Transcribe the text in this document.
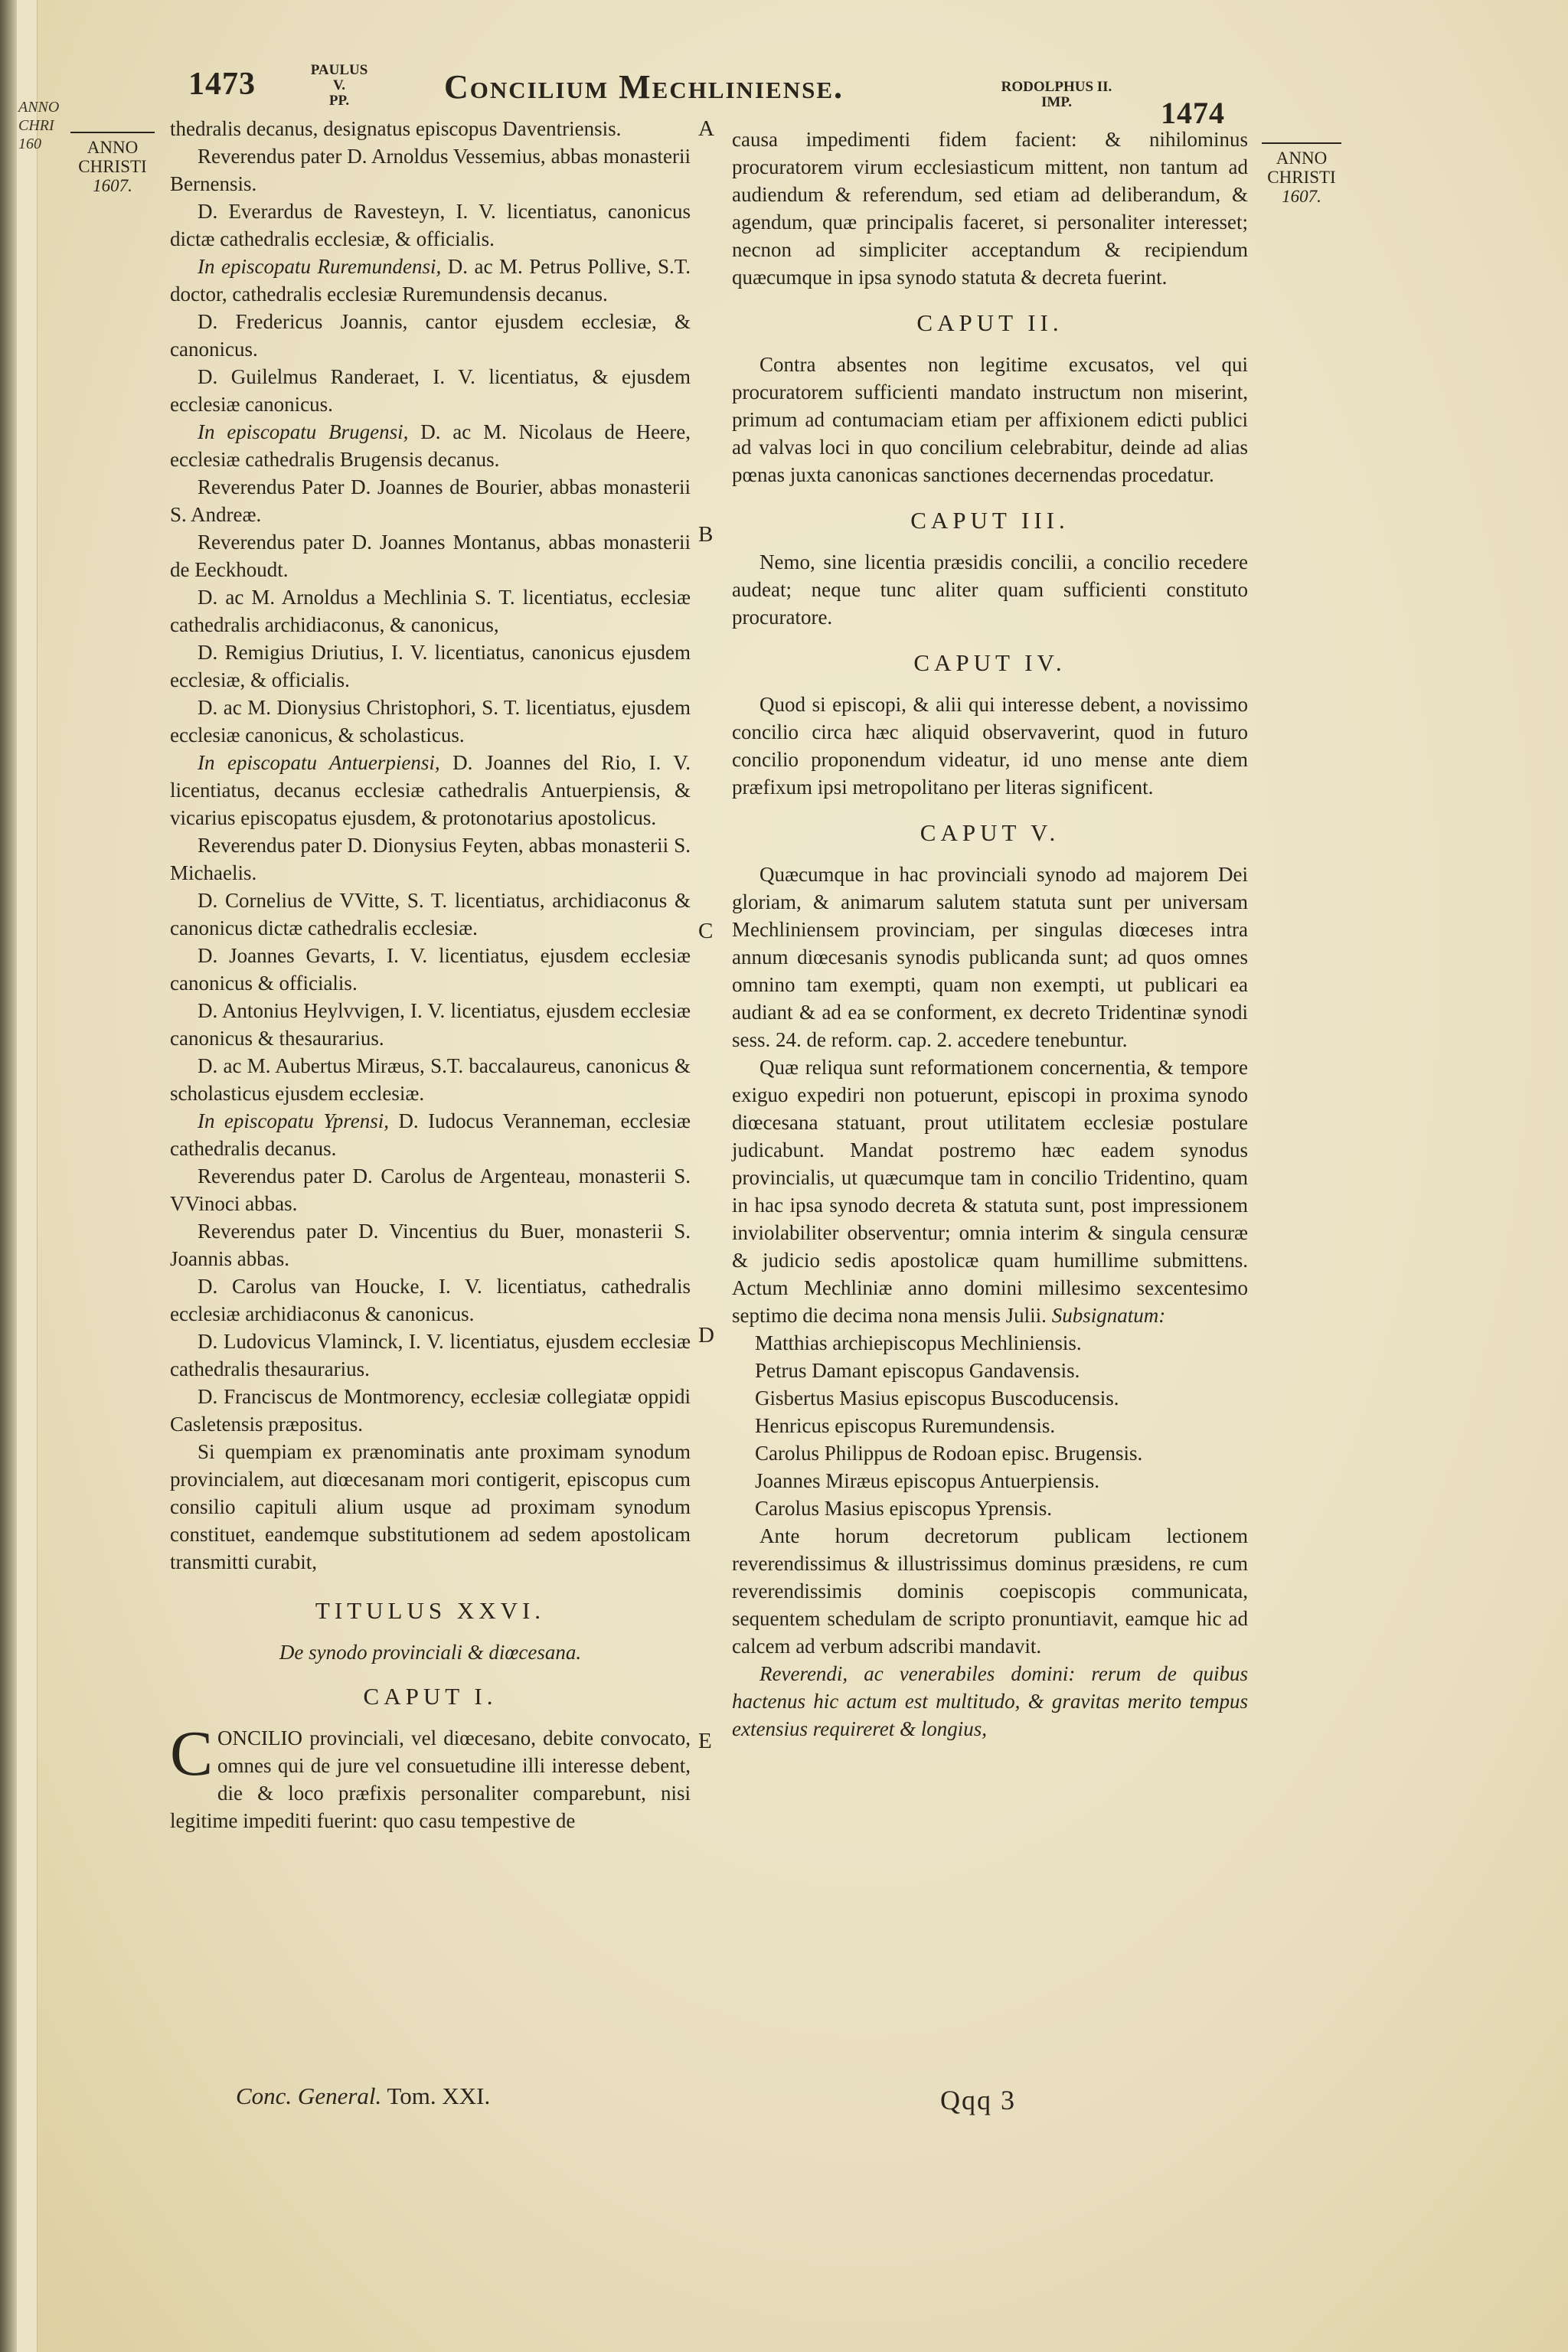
ANNO
CHRI
160
1473	PAULUS V.
PP.	Concilium Mechliniense.	RODOLPHUS II.
IMP.	1474
ANNO
CHRISTI
1607.
ANNO
CHRISTI
1607.
A
B
C
D
E

thedralis decanus, designatus episcopus Daventriensis.

Reverendus pater D. Arnoldus Vessemius, abbas monasterii Bernensis.

D. Everardus de Ravesteyn, I. V. licentiatus, canonicus dictæ cathedralis ecclesiæ, & officialis.

In episcopatu Ruremundensi, D. ac M. Petrus Pollive, S.T. doctor, cathedralis ecclesiæ Ruremundensis decanus.

D. Fredericus Joannis, cantor ejusdem ecclesiæ, & canonicus.

D. Guilelmus Randeraet, I. V. licentiatus, & ejusdem ecclesiæ canonicus.

In episcopatu Brugensi, D. ac M. Nicolaus de Heere, ecclesiæ cathedralis Brugensis decanus.

Reverendus Pater D. Joannes de Bourier, abbas monasterii S. Andreæ.

Reverendus pater D. Joannes Montanus, abbas monasterii de Eeckhoudt.

D. ac M. Arnoldus a Mechlinia S. T. licentiatus, ecclesiæ cathedralis archidiaconus, & canonicus,

D. Remigius Driutius, I. V. licentiatus, canonicus ejusdem ecclesiæ, & officialis.

D. ac M. Dionysius Christophori, S. T. licentiatus, ejusdem ecclesiæ canonicus, & scholasticus.

In episcopatu Antuerpiensi, D. Joannes del Rio, I. V. licentiatus, decanus ecclesiæ cathedralis Antuerpiensis, & vicarius episcopatus ejusdem, & protonotarius apostolicus.

Reverendus pater D. Dionysius Feyten, abbas monasterii S. Michaelis.

D. Cornelius de VVitte, S. T. licentiatus, archidiaconus & canonicus dictæ cathedralis ecclesiæ.

D. Joannes Gevarts, I. V. licentiatus, ejusdem ecclesiæ canonicus & officialis.

D. Antonius Heylvvigen, I. V. licentiatus, ejusdem ecclesiæ canonicus & thesaurarius.

D. ac M. Aubertus Miræus, S.T. baccalaureus, canonicus & scholasticus ejusdem ecclesiæ.

In episcopatu Yprensi, D. Iudocus Veranneman, ecclesiæ cathedralis decanus.

Reverendus pater D. Carolus de Argenteau, monasterii S. VVinoci abbas.

Reverendus pater D. Vincentius du Buer, monasterii S. Joannis abbas.

D. Carolus van Houcke, I. V. licentiatus, cathedralis ecclesiæ archidiaconus & canonicus.

D. Ludovicus Vlaminck, I. V. licentiatus, ejusdem ecclesiæ cathedralis thesaurarius.

D. Franciscus de Montmorency, ecclesiæ collegiatæ oppidi Casletensis præpositus.

Si quempiam ex prænominatis ante proximam synodum provincialem, aut diœcesanam mori contigerit, episcopus cum consilio capituli alium usque ad proximam synodum constituet, eandemque substitutionem ad sedem apostolicam transmitti curabit,

TITULUS XXVI.
De synodo provinciali & diœcesana.
CAPUT I.

CONCILIO provinciali, vel diœcesano, debite convocato, omnes qui de jure vel consuetudine illi interesse debent, die & loco præfixis personaliter comparebunt, nisi legitime impediti fuerint: quo casu tempestive de

causa impedimenti fidem facient: & nihilominus procuratorem virum ecclesiasticum mittent, non tantum ad audiendum & referendum, sed etiam ad deliberandum, & agendum, quæ principalis faceret, si personaliter interesset; necnon ad simpliciter acceptandum & recipiendum quæcumque in ipsa synodo statuta & decreta fuerint.

CAPUT II.

Contra absentes non legitime excusatos, vel qui procuratorem sufficienti mandato instructum non miserint, primum ad contumaciam etiam per affixionem edicti publici ad valvas loci in quo concilium celebrabitur, deinde ad alias pœnas juxta canonicas sanctiones decernendas procedatur.

CAPUT III.

Nemo, sine licentia præsidis concilii, a concilio recedere audeat; neque tunc aliter quam sufficienti constituto procuratore.

CAPUT IV.

Quod si episcopi, & alii qui interesse debent, a novissimo concilio circa hæc aliquid observaverint, quod in futuro concilio proponendum videatur, id uno mense ante diem præfixum ipsi metropolitano per literas significent.

CAPUT V.

Quæcumque in hac provinciali synodo ad majorem Dei gloriam, & animarum salutem statuta sunt per universam Mechliniensem provinciam, per singulas diœceses intra annum diœcesanis synodis publicanda sunt; ad quos omnes omnino tam exempti, quam non exempti, ut publicari ea audiant & ad ea se conforment, ex decreto Tridentinæ synodi sess. 24. de reform. cap. 2. accedere tenebuntur.

Quæ reliqua sunt reformationem concernentia, & tempore exiguo expediri non potuerunt, episcopi in proxima synodo diœcesana statuant, prout utilitatem ecclesiæ postulare judicabunt. Mandat postremo hæc eadem synodus provincialis, ut quæcumque tam in concilio Tridentino, quam in hac ipsa synodo decreta & statuta sunt, post impressionem inviolabiliter observentur; omnia interim & singula censuræ & judicio sedis apostolicæ quam humillime submittens. Actum Mechliniæ anno domini millesimo sexcentesimo septimo die decima nona mensis Julii. Subsignatum:

Matthias archiepiscopus Mechliniensis.

Petrus Damant episcopus Gandavensis.

Gisbertus Masius episcopus Buscoducensis.

Henricus episcopus Ruremundensis.

Carolus Philippus de Rodoan episc. Brugensis.

Joannes Miræus episcopus Antuerpiensis.

Carolus Masius episcopus Yprensis.

Ante horum decretorum publicam lectionem reverendissimus & illustrissimus dominus præsidens, re cum reverendissimis dominis coepiscopis communicata, sequentem schedulam de scripto pronuntiavit, eamque hic ad calcem ad verbum adscribi mandavit.

Reverendi, ac venerabiles domini: rerum de quibus hactenus hic actum est multitudo, & gravitas merito tempus extensius requireret & longius,

Conc. General. Tom. XXI.	Qqq 3
